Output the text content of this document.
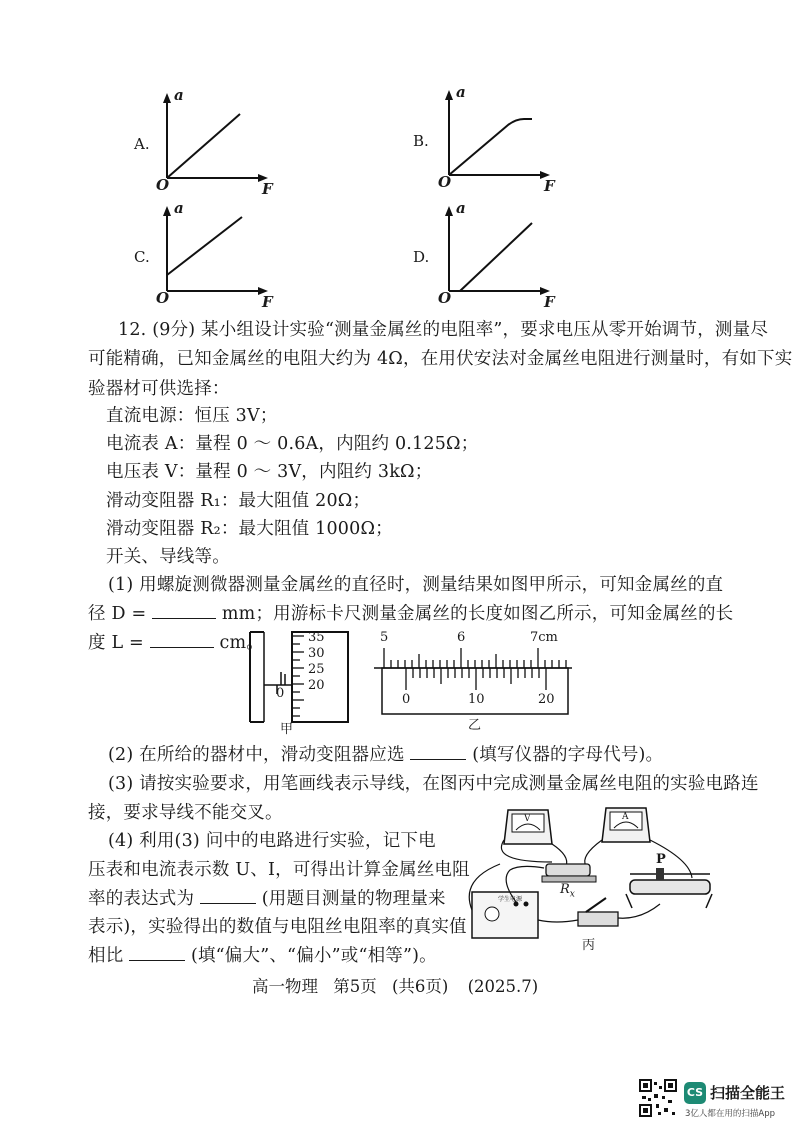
A.
a
O	F
B.
a
O	F
C.
a
O	F
D.
a
O	F
12. (9分) 某小组设计实验“测量金属丝的电阻率”，要求电压从零开始调节，测量尽
可能精确，已知金属丝的电阻大约为 4Ω，在用伏安法对金属丝电阻进行测量时，有如下实
验器材可供选择：
直流电源：恒压 3V；
电流表 A：量程 0 ～ 0.6A，内阻约 0.125Ω；
电压表 V：量程 0 ～ 3V，内阻约 3kΩ；
滑动变阻器 R₁：最大阻值 20Ω；
滑动变阻器 R₂：最大阻值 1000Ω；
开关、导线等。
(1) 用螺旋测微器测量金属丝的直径时，测量结果如图甲所示，可知金属丝的直
径 D =	mm；用游标卡尺测量金属丝的长度如图乙所示，可知金属丝的长
度 L =	cm。	35
30
25
20
0
甲
5	6	7cm
0	10	20
乙
(2) 在所给的器材中，滑动变阻器应选	(填写仪器的字母代号)。
(3) 请按实验要求，用笔画线表示导线，在图丙中完成测量金属丝电阻的实验电路连
接，要求导线不能交叉。
(4) 利用(3) 问中的电路进行实验，记下电
压表和电流表示数 U、I，可得出计算金属丝电阻
率的表达式为	(用题目测量的物理量来
表示)，实验得出的数值与电阻丝电阻率的真实值
相比	(填“偏大”、“偏小”或“相等”)。
V	A
$R_x$
P
学生电源
丙
高一物理 第5页 (共6页) (2025.7)
CS 扫描全能王
3亿人都在用的扫描App
